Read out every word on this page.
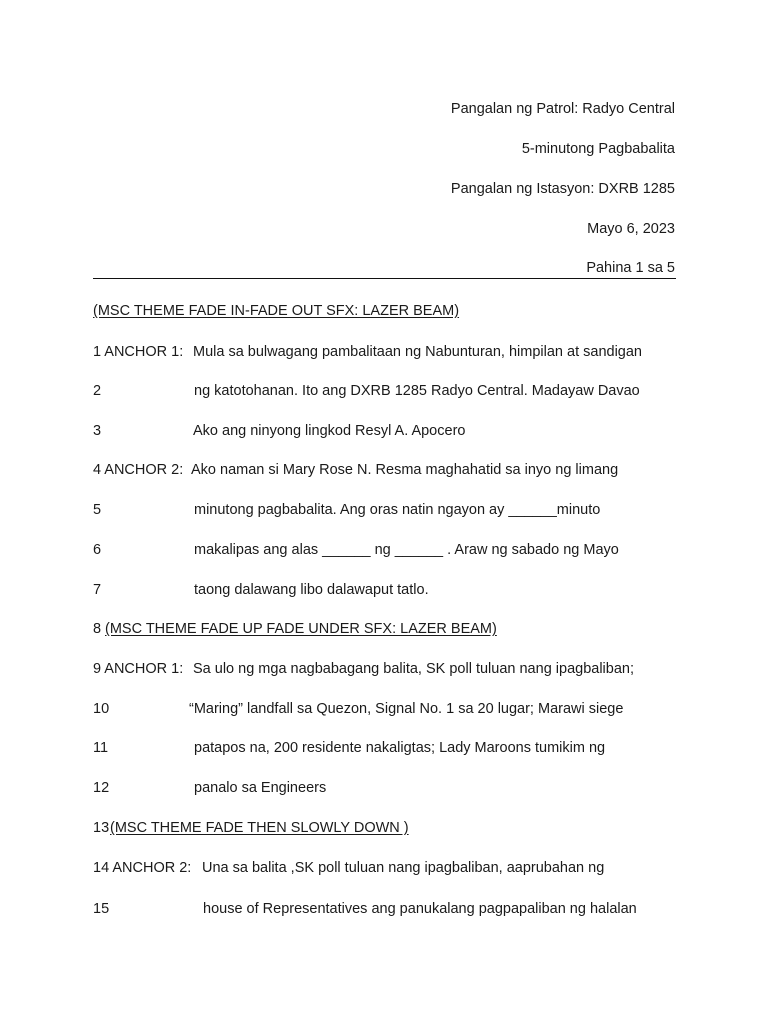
Pangalan ng Patrol: Radyo Central
5-minutong Pagbabalita
Pangalan ng Istasyon: DXRB 1285
Mayo 6, 2023
Pahina 1 sa 5
(MSC THEME FADE IN-FADE OUT SFX: LAZER BEAM)
1 ANCHOR 1: Mula sa bulwagang pambalitaan ng Nabunturan, himpilan at sandigan
2	ng katotohanan. Ito ang DXRB 1285 Radyo Central. Madayaw Davao
3	Ako ang ninyong lingkod Resyl A. Apocero
4 ANCHOR 2: Ako naman si Mary Rose N. Resma maghahatid sa inyo ng limang
5	minutong pagbabalita. Ang oras natin ngayon ay ______minuto
6	makalipas ang alas ______ ng ______ . Araw ng sabado ng Mayo
7	taong dalawang libo dalawaput tatlo.
8 (MSC THEME FADE UP FADE UNDER SFX: LAZER BEAM)
9 ANCHOR 1: Sa ulo ng mga nagbabagang balita, SK poll tuluan nang ipagbaliban;
10	“Maring” landfall sa Quezon, Signal No. 1 sa 20 lugar; Marawi siege
11	patapos na, 200 residente nakaligtas; Lady Maroons tumikim ng
12	panalo sa Engineers
13 (MSC THEME FADE THEN SLOWLY DOWN )
14 ANCHOR 2: Una sa balita ,SK poll tuluan nang ipagbaliban, aaprubahan ng
15	house of Representatives ang panukalang pagpapaliban ng halalan
